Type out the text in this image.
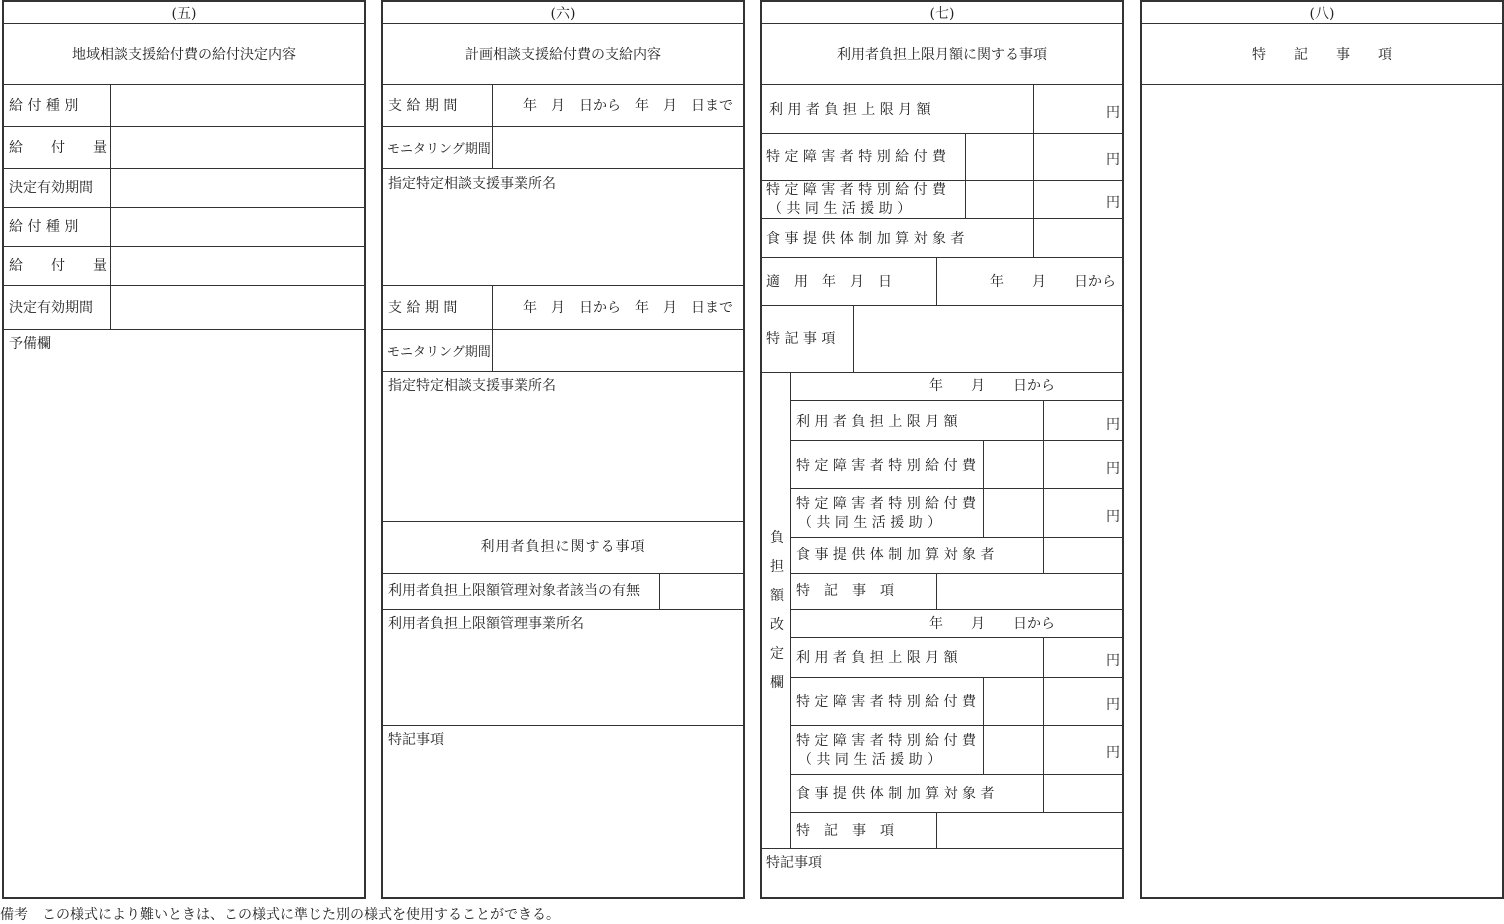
(五)
地域相談支援給付費の給付決定内容
給 付 種 別
給　　付　　量
決定有効期間
給 付 種 別
給　　付　　量
決定有効期間
予備欄
(六)
計画相談支援給付費の支給内容
支 給 期 間	年　月　日から　年　月　日まで
モニタリング期間
指定特定相談支援事業所名
支 給 期 間	年　月　日から　年　月　日まで
モニタリング期間
指定特定相談支援事業所名
利用者負担に関する事項
利用者負担上限額管理対象者該当の有無
利用者負担上限額管理事業所名
特記事項
(七)
利用者負担上限月額に関する事項
利 用 者 負 担 上 限 月 額	円
特 定 障 害 者 特 別 給 付 費	円
特 定 障 害 者 特 別 給 付 費
（ 共 同 生 活 援 助 ）	円
食 事 提 供 体 制 加 算 対 象 者
適　用　年　月　日	年　　月　　日から
特 記 事 項
負
担
額
改
定
欄
年　　月　　日から
利 用 者 負 担 上 限 月 額	円
特 定 障 害 者 特 別 給 付 費	円
特 定 障 害 者 特 別 給 付 費
（ 共 同 生 活 援 助 ）	円
食 事 提 供 体 制 加 算 対 象 者
特　記　事　項
年　　月　　日から
利 用 者 負 担 上 限 月 額	円
特 定 障 害 者 特 別 給 付 費	円
特 定 障 害 者 特 別 給 付 費
（ 共 同 生 活 援 助 ）	円
食 事 提 供 体 制 加 算 対 象 者
特　記　事　項
特記事項
(八)
特　　記　　事　　項
備考　この様式により難いときは、この様式に準じた別の様式を使用することができる。
